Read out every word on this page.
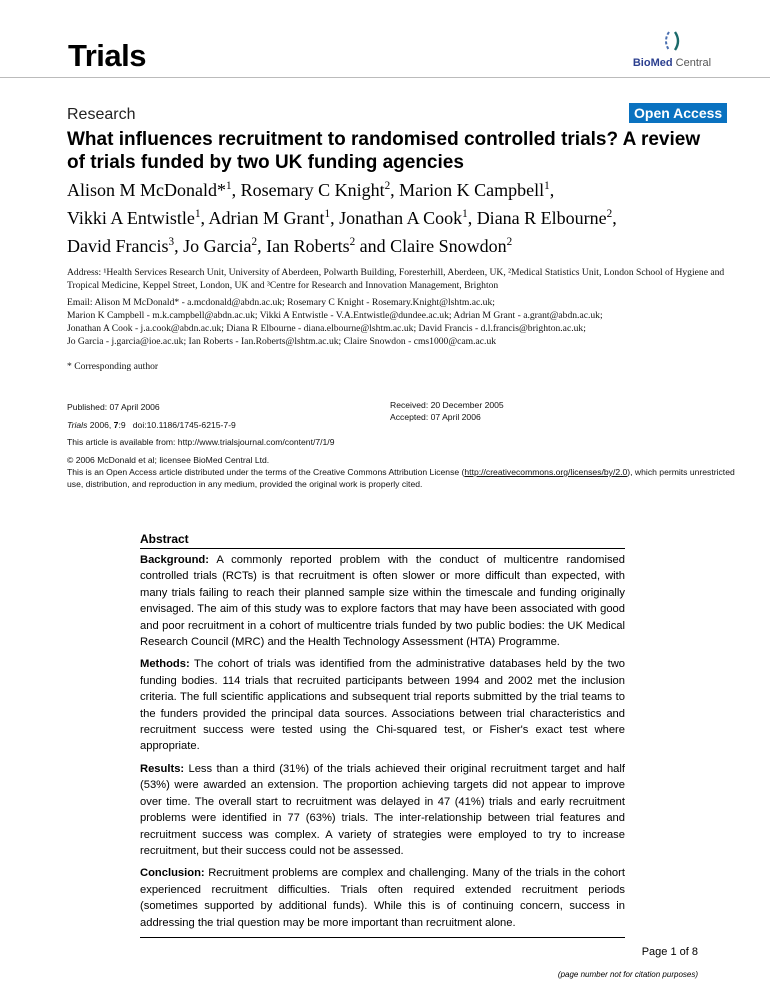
Trials	BioMed Central
Research	Open Access
What influences recruitment to randomised controlled trials? A review of trials funded by two UK funding agencies
Alison M McDonald*$^1$, Rosemary C Knight$^2$, Marion K Campbell$^1$,
Vikki A Entwistle$^1$, Adrian M Grant$^1$, Jonathan A Cook$^1$, Diana R Elbourne$^2$,
David Francis$^3$, Jo Garcia$^2$, Ian Roberts$^2$ and Claire Snowdon$^2$
Address: ¹Health Services Research Unit, University of Aberdeen, Polwarth Building, Foresterhill, Aberdeen, UK, ²Medical Statistics Unit, London School of Hygiene and Tropical Medicine, Keppel Street, London, UK and ³Centre for Research and Innovation Management, Brighton
Email: Alison M McDonald* - a.mcdonald@abdn.ac.uk; Rosemary C Knight - Rosemary.Knight@lshtm.ac.uk;
Marion K Campbell - m.k.campbell@abdn.ac.uk; Vikki A Entwistle - V.A.Entwistle@dundee.ac.uk; Adrian M Grant - a.grant@abdn.ac.uk;
Jonathan A Cook - j.a.cook@abdn.ac.uk; Diana R Elbourne - diana.elbourne@lshtm.ac.uk; David Francis - d.l.francis@brighton.ac.uk;
Jo Garcia - j.garcia@ioe.ac.uk; Ian Roberts - Ian.Roberts@lshtm.ac.uk; Claire Snowdon - cms1000@cam.ac.uk
* Corresponding author
Published: 07 April 2006
Trials 2006, 7:9 doi:10.1186/1745-6215-7-9
This article is available from: http://www.trialsjournal.com/content/7/1/9
Received: 20 December 2005
Accepted: 07 April 2006
© 2006 McDonald et al; licensee BioMed Central Ltd.
This is an Open Access article distributed under the terms of the Creative Commons Attribution License (http://creativecommons.org/licenses/by/2.0), which permits unrestricted use, distribution, and reproduction in any medium, provided the original work is properly cited.
Abstract
Background: A commonly reported problem with the conduct of multicentre randomised controlled trials (RCTs) is that recruitment is often slower or more difficult than expected, with many trials failing to reach their planned sample size within the timescale and funding originally envisaged. The aim of this study was to explore factors that may have been associated with good and poor recruitment in a cohort of multicentre trials funded by two public bodies: the UK Medical Research Council (MRC) and the Health Technology Assessment (HTA) Programme.
Methods: The cohort of trials was identified from the administrative databases held by the two funding bodies. 114 trials that recruited participants between 1994 and 2002 met the inclusion criteria. The full scientific applications and subsequent trial reports submitted by the trial teams to the funders provided the principal data sources. Associations between trial characteristics and recruitment success were tested using the Chi-squared test, or Fisher's exact test where appropriate.
Results: Less than a third (31%) of the trials achieved their original recruitment target and half (53%) were awarded an extension. The proportion achieving targets did not appear to improve over time. The overall start to recruitment was delayed in 47 (41%) trials and early recruitment problems were identified in 77 (63%) trials. The inter-relationship between trial features and recruitment success was complex. A variety of strategies were employed to try to increase recruitment, but their success could not be assessed.
Conclusion: Recruitment problems are complex and challenging. Many of the trials in the cohort experienced recruitment difficulties. Trials often required extended recruitment periods (sometimes supported by additional funds). While this is of continuing concern, success in addressing the trial question may be more important than recruitment alone.
Page 1 of 8
(page number not for citation purposes)
